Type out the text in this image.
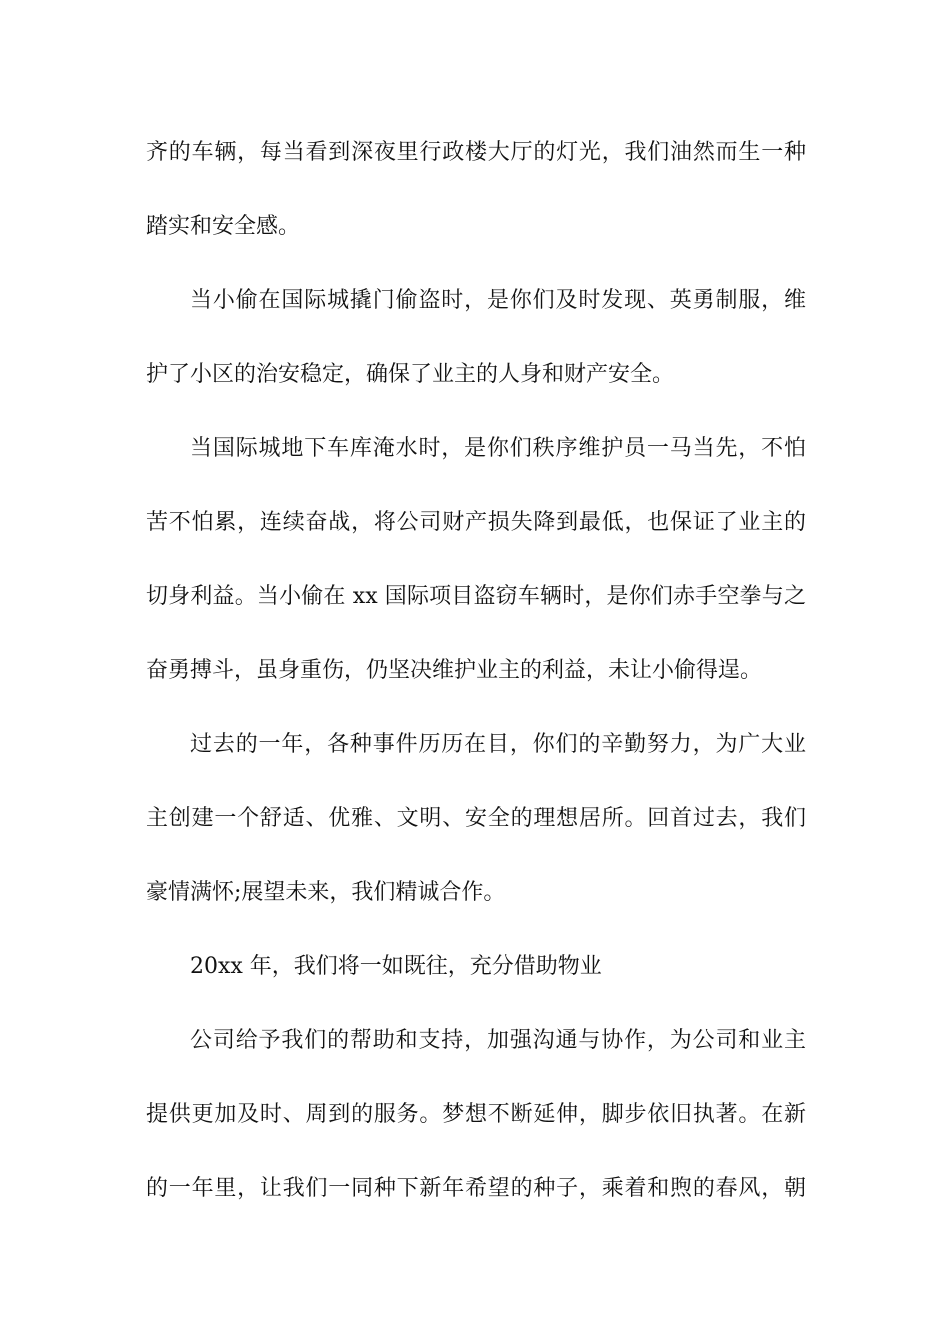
齐的车辆，每当看到深夜里行政楼大厅的灯光，我们油然而生一种
踏实和安全感。
当小偷在国际城撬门偷盗时，是你们及时发现、英勇制服，维
护了小区的治安稳定，确保了业主的人身和财产安全。
当国际城地下车库淹水时，是你们秩序维护员一马当先，不怕
苦不怕累，连续奋战，将公司财产损失降到最低，也保证了业主的
切身利益。当小偷在 xx 国际项目盗窃车辆时，是你们赤手空拳与之
奋勇搏斗，虽身重伤，仍坚决维护业主的利益，未让小偷得逞。
过去的一年，各种事件历历在目，你们的辛勤努力，为广大业
主创建一个舒适、优雅、文明、安全的理想居所。回首过去，我们
豪情满怀;展望未来，我们精诚合作。
20xx 年，我们将一如既往，充分借助物业
公司给予我们的帮助和支持，加强沟通与协作，为公司和业主
提供更加及时、周到的服务。梦想不断延伸，脚步依旧执著。在新
的一年里，让我们一同种下新年希望的种子，乘着和煦的春风，朝
